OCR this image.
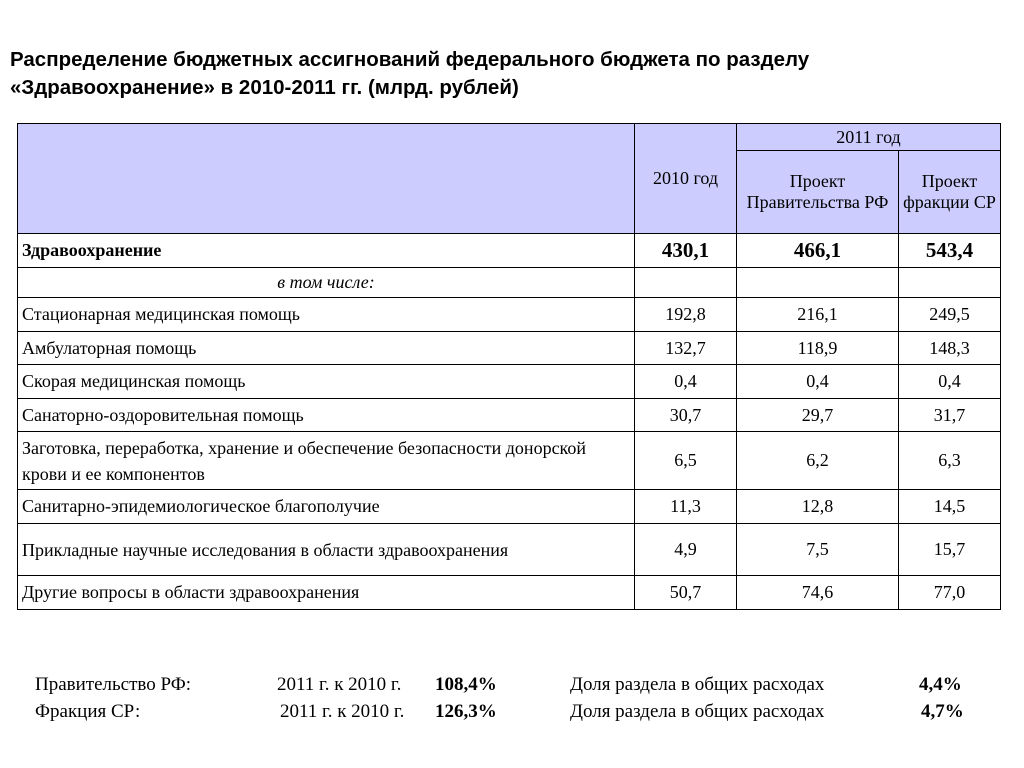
Распределение бюджетных ассигнований федерального бюджета по разделу
«Здравоохранение» в 2010-2011 гг. (млрд. рублей)
	2010 год	2011 год	
		Проект Правительства РФ	Проект фракции СР
Здравоохранение	430,1	466,1	543,4
в том числе:			
Стационарная медицинская помощь	192,8	216,1	249,5
Амбулаторная помощь	132,7	118,9	148,3
Скорая медицинская помощь	0,4	0,4	0,4
Санаторно-оздоровительная помощь	30,7	29,7	31,7
Заготовка, переработка, хранение и обеспечение безопасности донорской крови и ее компонентов	6,5	6,2	6,3
Санитарно-эпидемиологическое благополучие	11,3	12,8	14,5
Прикладные научные исследования в области здравоохранения	4,9	7,5	15,7
Другие вопросы в области здравоохранения	50,7	74,6	77,0
Правительство РФ:	2011 г. к 2010 г. 108,4%	Доля раздела в общих расходах	4,4%
Фракция СР:	2011 г. к 2010 г. 126,3%	Доля раздела в общих расходах	4,7%
